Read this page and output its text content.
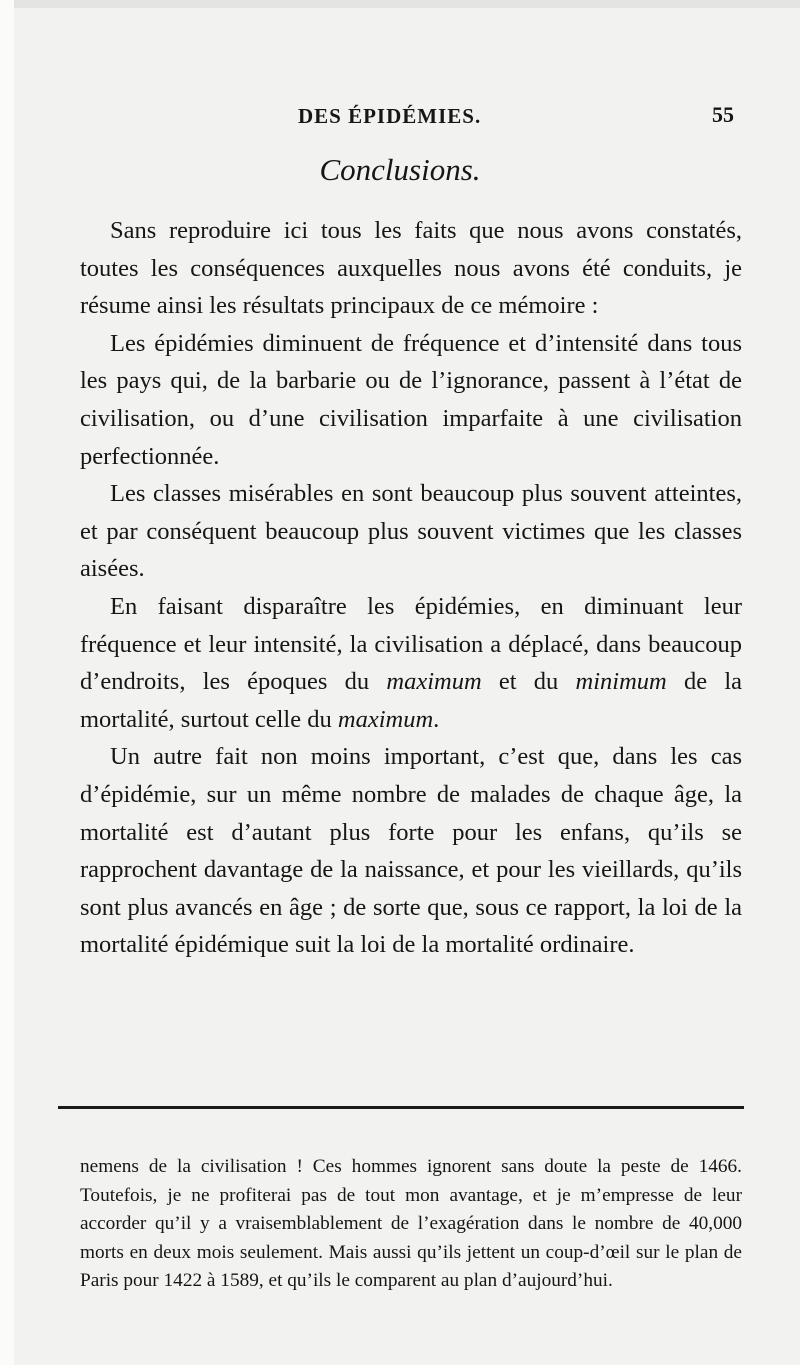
DES ÉPIDÉMIES.	55
Conclusions.

Sans reproduire ici tous les faits que nous avons constatés, toutes les conséquences auxquelles nous avons été conduits, je résume ainsi les résultats principaux de ce mémoire :

Les épidémies diminuent de fréquence et d’intensité dans tous les pays qui, de la barbarie ou de l’ignorance, passent à l’état de civilisation, ou d’une civilisation imparfaite à une civilisation perfectionnée.

Les classes misérables en sont beaucoup plus souvent atteintes, et par conséquent beaucoup plus souvent victimes que les classes aisées.

En faisant disparaître les épidémies, en diminuant leur fréquence et leur intensité, la civilisation a déplacé, dans beaucoup d’endroits, les époques du maximum et du minimum de la mortalité, surtout celle du maximum.

Un autre fait non moins important, c’est que, dans les cas d’épidémie, sur un même nombre de malades de chaque âge, la mortalité est d’autant plus forte pour les enfans, qu’ils se rapprochent davantage de la naissance, et pour les vieillards, qu’ils sont plus avancés en âge ; de sorte que, sous ce rapport, la loi de la mortalité épidémique suit la loi de la mortalité ordinaire.

nemens de la civilisation ! Ces hommes ignorent sans doute la peste de 1466. Toutefois, je ne profiterai pas de tout mon avantage, et je m’empresse de leur accorder qu’il y a vraisemblablement de l’exagération dans le nombre de 40,000 morts en deux mois seulement. Mais aussi qu’ils jettent un coup-d’œil sur le plan de Paris pour 1422 à 1589, et qu’ils le comparent au plan d’aujourd’hui.
